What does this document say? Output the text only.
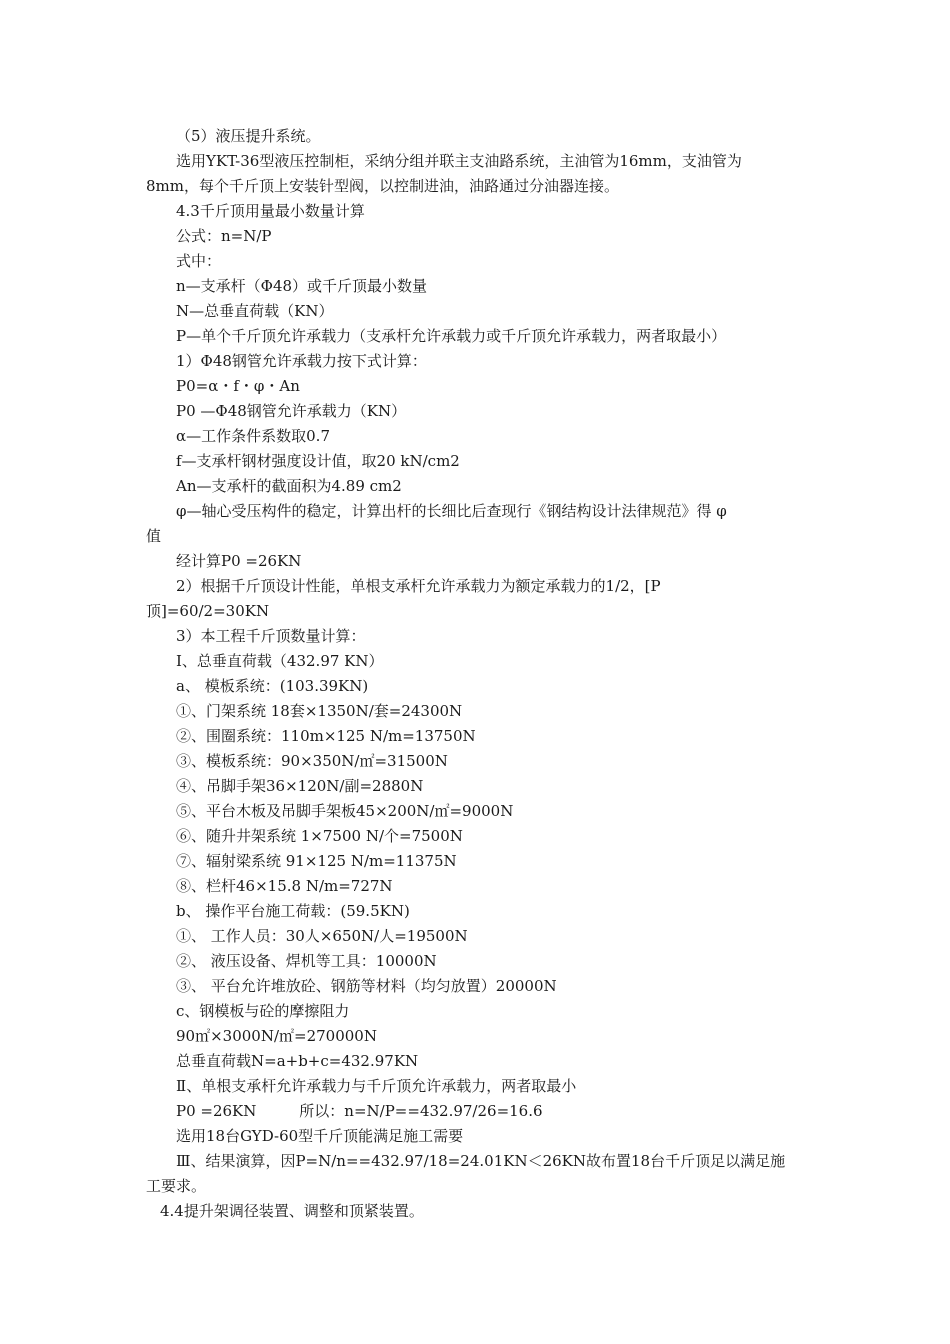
（5）液压提升系统。
选用YKT-36型液压控制柜，采纳分组并联主支油路系统，主油管为16mm，支油管为
8mm，每个千斤顶上安装针型阀，以控制进油，油路通过分油器连接。
4.3千斤顶用量最小数量计算
公式：n=N/P
式中：
n—支承杆（Φ48）或千斤顶最小数量
N—总垂直荷载（KN）
P—单个千斤顶允许承载力（支承杆允许承载力或千斤顶允许承载力，两者取最小）
1）Φ48钢管允许承载力按下式计算：
P0=α・f・φ・An
P0 —Φ48钢管允许承载力（KN）
α—工作条件系数取0.7
f—支承杆钢材强度设计值，取20 kN/cm2
An—支承杆的截面积为4.89 cm2
φ—轴心受压构件的稳定，计算出杆的长细比后查现行《钢结构设计法律规范》得 φ
值
经计算P0 =26KN
2）根据千斤顶设计性能，单根支承杆允许承载力为额定承载力的1/2，[P
顶]=60/2=30KN
3）本工程千斤顶数量计算：
Ⅰ、总垂直荷载（432.97 KN）
a、 模板系统：(103.39KN)
①、门架系统 18套×1350N/套=24300N
②、围圈系统：110m×125 N/m=13750N
③、模板系统：90×350N/㎡=31500N
④、吊脚手架36×120N/副=2880N
⑤、平台木板及吊脚手架板45×200N/㎡=9000N
⑥、随升井架系统 1×7500 N/个=7500N
⑦、辐射梁系统 91×125 N/m=11375N
⑧、栏杆46×15.8 N/m=727N
b、 操作平台施工荷载：(59.5KN)
①、 工作人员：30人×650N/人=19500N
②、 液压设备、焊机等工具：10000N
③、 平台允许堆放砼、钢筋等材料（均匀放置）20000N
c、钢模板与砼的摩擦阻力
90㎡×3000N/㎡=270000N
总垂直荷载N=a+b+c=432.97KN
Ⅱ、单根支承杆允许承载力与千斤顶允许承载力，两者取最小
P0 =26KN         所以：n=N/P==432.97/26=16.6
选用18台GYD-60型千斤顶能满足施工需要
Ⅲ、结果演算，因P=N/n==432.97/18=24.01KN＜26KN故布置18台千斤顶足以满足施
工要求。
4.4提升架调径装置、调整和顶紧装置。
